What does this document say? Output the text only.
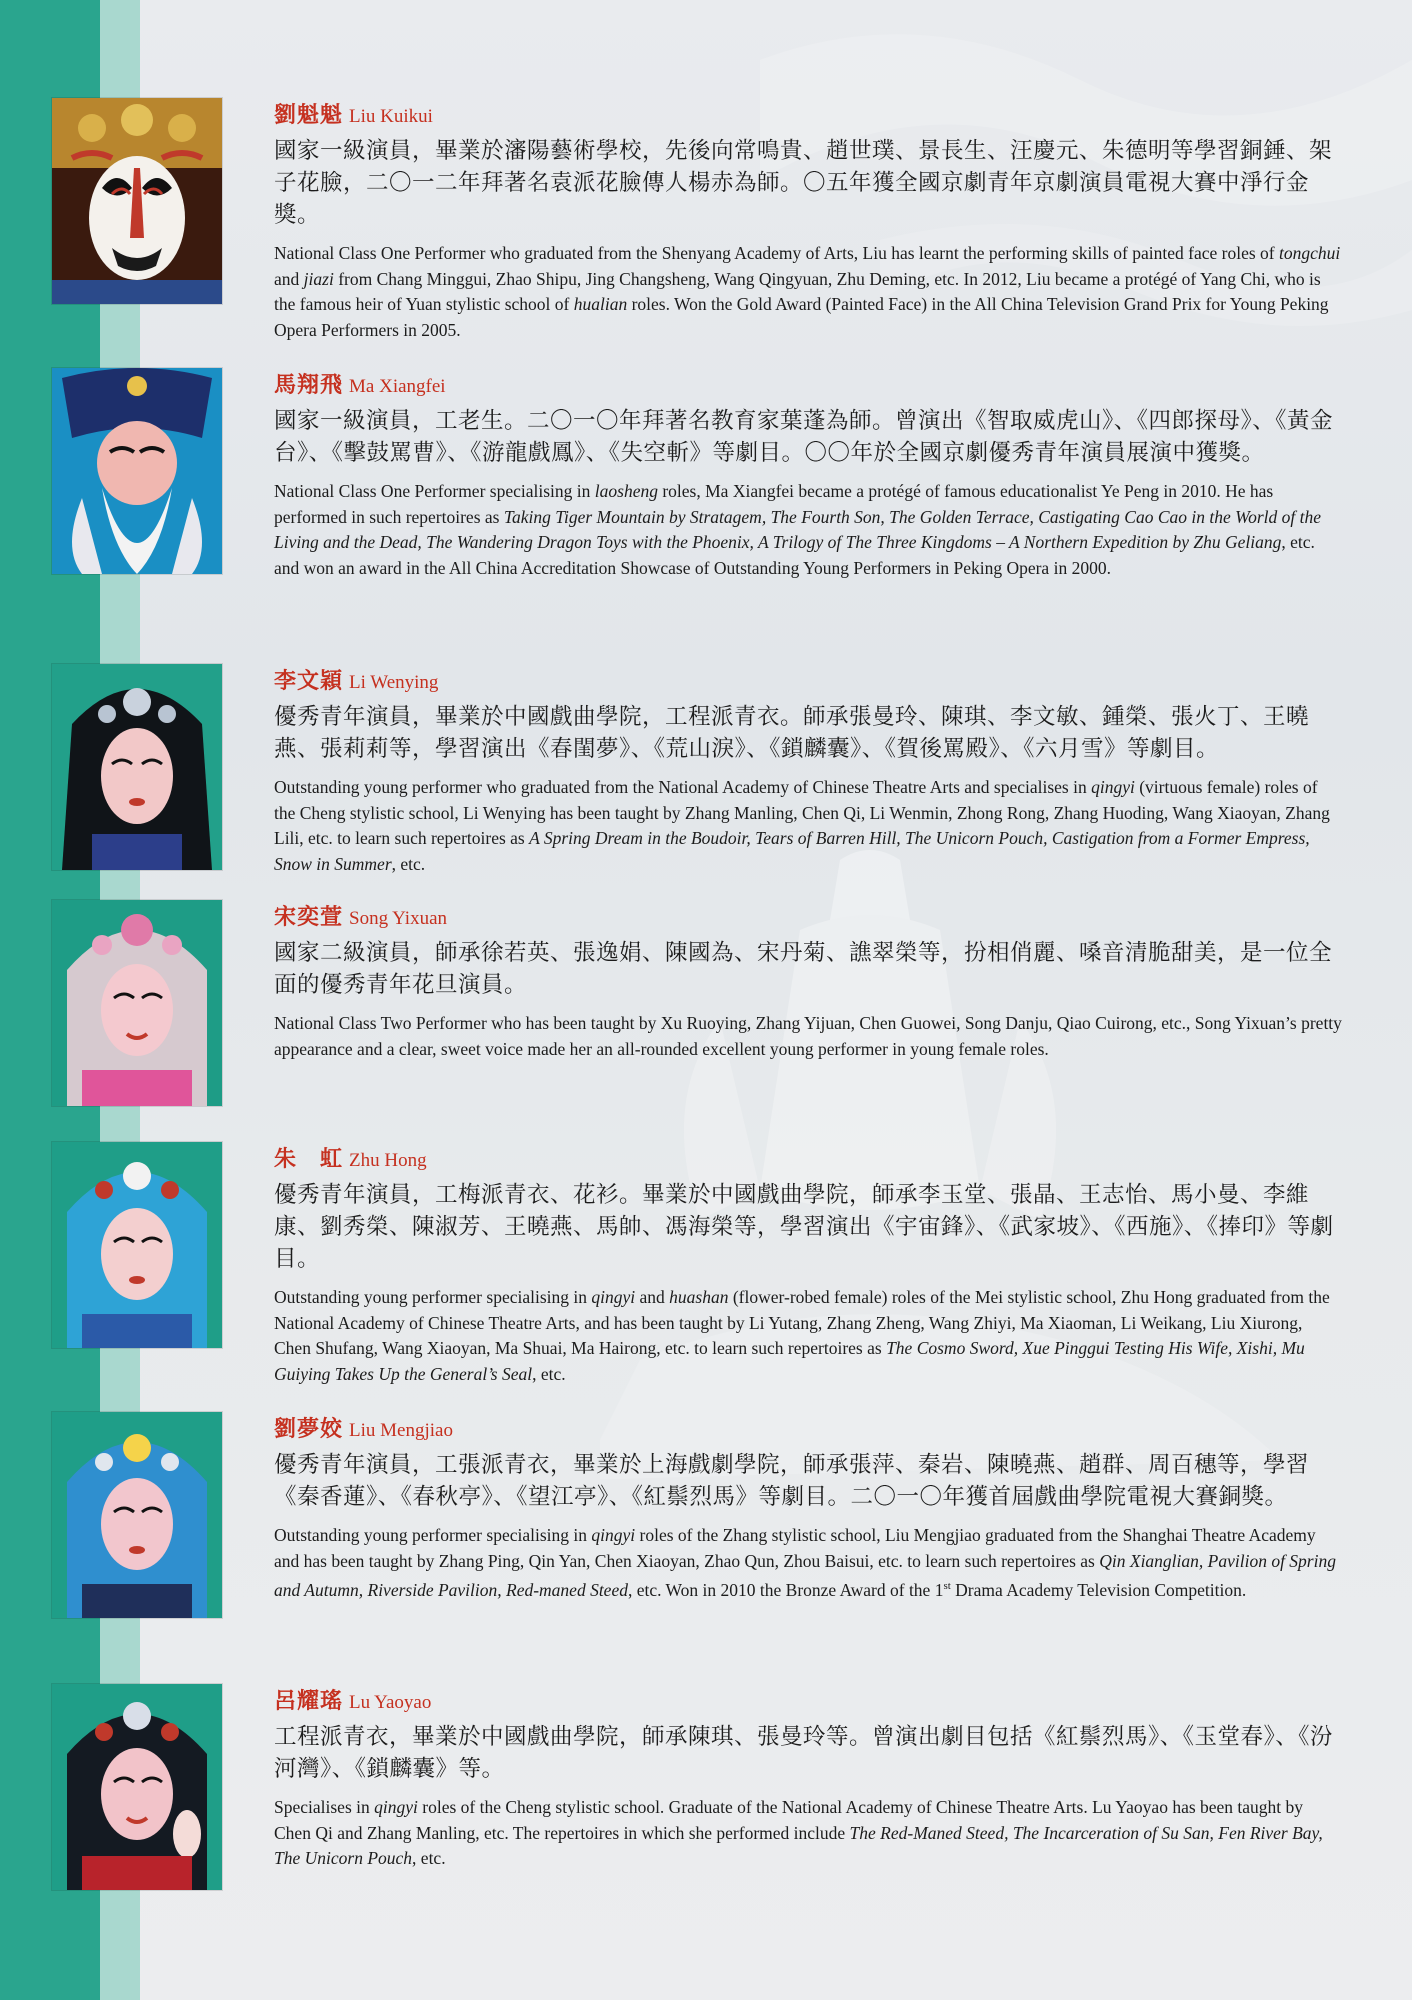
劉魁魁 Liu Kuikui

國家一級演員，畢業於瀋陽藝術學校，先後向常鳴貴、趙世璞、景長生、汪慶元、朱德明等學習銅錘、架子花臉，二〇一二年拜著名袁派花臉傳人楊赤為師。〇五年獲全國京劇青年京劇演員電視大賽中淨行金獎。

National Class One Performer who graduated from the Shenyang Academy of Arts, Liu has learnt the performing skills of painted face roles of tongchui and jiazi from Chang Minggui, Zhao Shipu, Jing Changsheng, Wang Qingyuan, Zhu Deming, etc. In 2012, Liu became a protégé of Yang Chi, who is the famous heir of Yuan stylistic school of hualian roles. Won the Gold Award (Painted Face) in the All China Television Grand Prix for Young Peking Opera Performers in 2005.

馬翔飛 Ma Xiangfei

國家一級演員，工老生。二〇一〇年拜著名教育家葉蓬為師。曾演出《智取威虎山》、《四郎探母》、《黃金台》、《擊鼓罵曹》、《游龍戲鳳》、《失空斬》等劇目。〇〇年於全國京劇優秀青年演員展演中獲獎。

National Class One Performer specialising in laosheng roles, Ma Xiangfei became a protégé of famous educationalist Ye Peng in 2010. He has performed in such repertoires as Taking Tiger Mountain by Stratagem, The Fourth Son, The Golden Terrace, Castigating Cao Cao in the World of the Living and the Dead, The Wandering Dragon Toys with the Phoenix, A Trilogy of The Three Kingdoms – A Northern Expedition by Zhu Geliang, etc. and won an award in the All China Accreditation Showcase of Outstanding Young Performers in Peking Opera in 2000.

李文穎 Li Wenying

優秀青年演員，畢業於中國戲曲學院，工程派青衣。師承張曼玲、陳琪、李文敏、鍾榮、張火丁、王曉燕、張莉莉等，學習演出《春閨夢》、《荒山淚》、《鎖麟囊》、《賀後罵殿》、《六月雪》等劇目。

Outstanding young performer who graduated from the National Academy of Chinese Theatre Arts and specialises in qingyi (virtuous female) roles of the Cheng stylistic school, Li Wenying has been taught by Zhang Manling, Chen Qi, Li Wenmin, Zhong Rong, Zhang Huoding, Wang Xiaoyan, Zhang Lili, etc. to learn such repertoires as A Spring Dream in the Boudoir, Tears of Barren Hill, The Unicorn Pouch, Castigation from a Former Empress, Snow in Summer, etc.

宋奕萱 Song Yixuan

國家二級演員，師承徐若英、張逸娟、陳國為、宋丹菊、譙翠榮等，扮相俏麗、嗓音清脆甜美，是一位全面的優秀青年花旦演員。

National Class Two Performer who has been taught by Xu Ruoying, Zhang Yijuan, Chen Guowei, Song Danju, Qiao Cuirong, etc., Song Yixuan’s pretty appearance and a clear, sweet voice made her an all-rounded excellent young performer in young female roles.

朱　虹 Zhu Hong

優秀青年演員，工梅派青衣、花衫。畢業於中國戲曲學院，師承李玉堂、張晶、王志怡、馬小曼、李維康、劉秀榮、陳淑芳、王曉燕、馬帥、馮海榮等，學習演出《宇宙鋒》、《武家坡》、《西施》、《捧印》等劇目。

Outstanding young performer specialising in qingyi and huashan (flower-robed female) roles of the Mei stylistic school, Zhu Hong graduated from the National Academy of Chinese Theatre Arts, and has been taught by Li Yutang, Zhang Zheng, Wang Zhiyi, Ma Xiaoman, Li Weikang, Liu Xiurong, Chen Shufang, Wang Xiaoyan, Ma Shuai, Ma Hairong, etc. to learn such repertoires as The Cosmo Sword, Xue Pinggui Testing His Wife, Xishi, Mu Guiying Takes Up the General’s Seal, etc.

劉夢姣 Liu Mengjiao

優秀青年演員，工張派青衣，畢業於上海戲劇學院，師承張萍、秦岩、陳曉燕、趙群、周百穗等，學習《秦香蓮》、《春秋亭》、《望江亭》、《紅鬃烈馬》等劇目。二〇一〇年獲首屆戲曲學院電視大賽銅獎。

Outstanding young performer specialising in qingyi roles of the Zhang stylistic school, Liu Mengjiao graduated from the Shanghai Theatre Academy and has been taught by Zhang Ping, Qin Yan, Chen Xiaoyan, Zhao Qun, Zhou Baisui, etc. to learn such repertoires as Qin Xianglian, Pavilion of Spring and Autumn, Riverside Pavilion, Red-maned Steed, etc. Won in 2010 the Bronze Award of the 1st Drama Academy Television Competition.

呂耀瑤 Lu Yaoyao

工程派青衣，畢業於中國戲曲學院，師承陳琪、張曼玲等。曾演出劇目包括《紅鬃烈馬》、《玉堂春》、《汾河灣》、《鎖麟囊》等。

Specialises in qingyi roles of the Cheng stylistic school. Graduate of the National Academy of Chinese Theatre Arts. Lu Yaoyao has been taught by Chen Qi and Zhang Manling, etc. The repertoires in which she performed include The Red-Maned Steed, The Incarceration of Su San, Fen River Bay, The Unicorn Pouch, etc.
